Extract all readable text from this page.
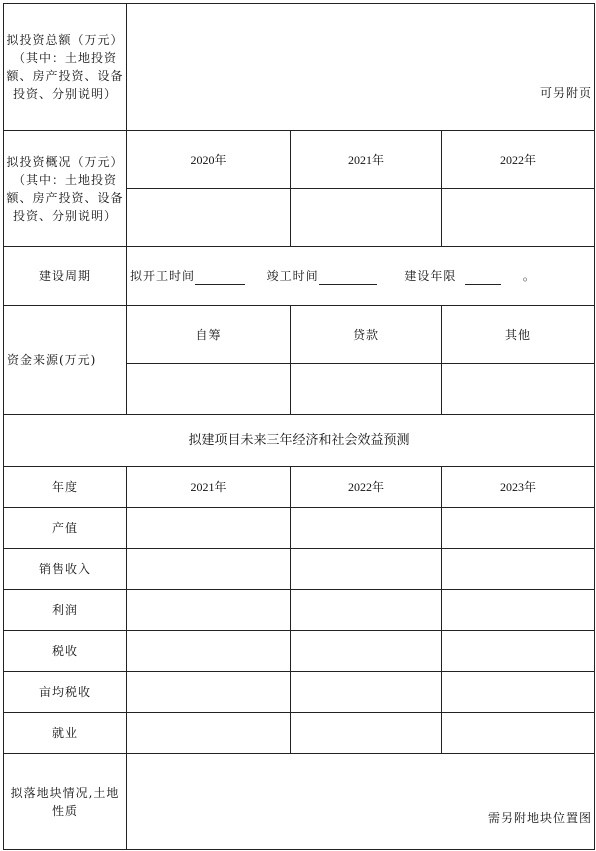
拟投资总额（万元）（其中：土地投资额、房产投资、设备投资、分别说明）	可另附页		
拟投资概况（万元）（其中：土地投资额、房产投资、设备投资、分别说明）	2020年	2021年	2022年

建设周期	拟开工时间 竣工时间 建设年限 。		
资金来源(万元)	自筹	贷款	其他

拟建项目未来三年经济和社会效益预测			
年度	2021年	2022年	2023年
产值			
销售收入			
利润			
税收			
亩均税收			
就业			
拟落地块情况,土地性质	需另附地块位置图		
